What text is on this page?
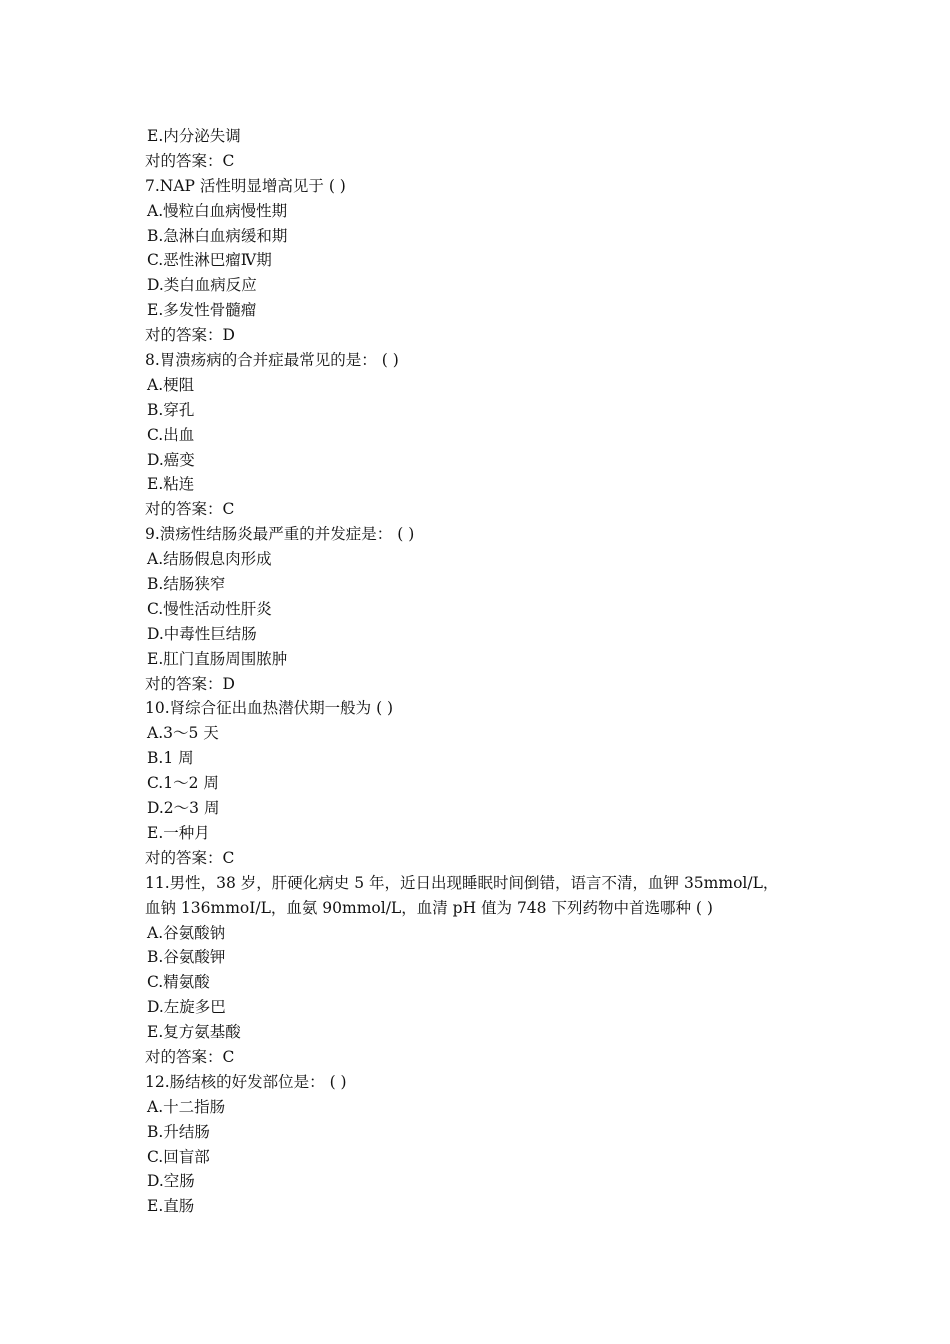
E.内分泌失调
对的答案：C
7.NAP 活性明显增高见于 ( )
A.慢粒白血病慢性期
B.急淋白血病缓和期
C.恶性淋巴瘤Ⅳ期
D.类白血病反应
E.多发性骨髓瘤
对的答案：D
8.胃溃疡病的合并症最常见的是： ( )
A.梗阻
B.穿孔
C.出血
D.癌变
E.粘连
对的答案：C
9.溃疡性结肠炎最严重的并发症是： ( )
A.结肠假息肉形成
B.结肠狭窄
C.慢性活动性肝炎
D.中毒性巨结肠
E.肛门直肠周围脓肿
对的答案：D
10.肾综合征出血热潜伏期一般为 ( )
A.3～5 天
B.1 周
C.1～2 周
D.2～3 周
E.一种月
对的答案：C
11.男性，38 岁，肝硬化病史 5 年，近日出现睡眠时间倒错，语言不清，血钾 35mmol/L，
血钠 136mmoI/L，血氨 90mmol/L，血清 pH 值为 748 下列药物中首选哪种 ( )
A.谷氨酸钠
B.谷氨酸钾
C.精氨酸
D.左旋多巴
E.复方氨基酸
对的答案：C
12.肠结核的好发部位是： ( )
A.十二指肠
B.升结肠
C.回盲部
D.空肠
E.直肠
